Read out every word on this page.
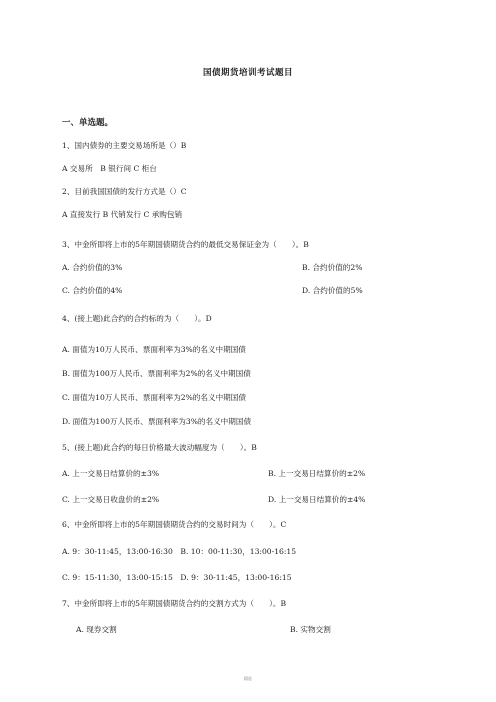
国债期货培训考试题目
一、单选题。
1、国内债券的主要交易场所是（）B
A 交易所　B 银行间 C 柜台
2、目前我国国债的发行方式是（）C
A 直接发行 B 代销发行 C 承购包销
3、中金所即将上市的5年期国债期货合约的最低交易保证金为（　　）。B
A. 合约价值的3%	B. 合约价值的2%
C. 合约价值的4%	D. 合约价值的5%
4、(接上题)此合约的合约标的为（　　）。D
A. 面值为10万人民币、票面利率为3%的名义中期国债
B. 面值为100万人民币、票面利率为2%的名义中期国债
C. 面值为10万人民币、票面利率为2%的名义中期国债
D. 面值为100万人民币、票面利率为3%的名义中期国债
5、(接上题)此合约的每日价格最大波动幅度为（　　）。B
A. 上一交易日结算价的±3%	B. 上一交易日结算价的±2%
C. 上一交易日收盘价的±2%	D. 上一交易日结算价的±4%
6、中金所即将上市的5年期国债期货合约的交易时间为（　　）。C
A. 9：30-11:45，13:00-16:30　B. 10：00-11:30，13:00-16:15
C. 9：15-11:30，13:00-15:15　D. 9：30-11:45，13:00-16:15
7、中金所即将上市的5年期国债期货合约的交割方式为（　　）。B
A. 现券交割	B. 实物交割
精选
